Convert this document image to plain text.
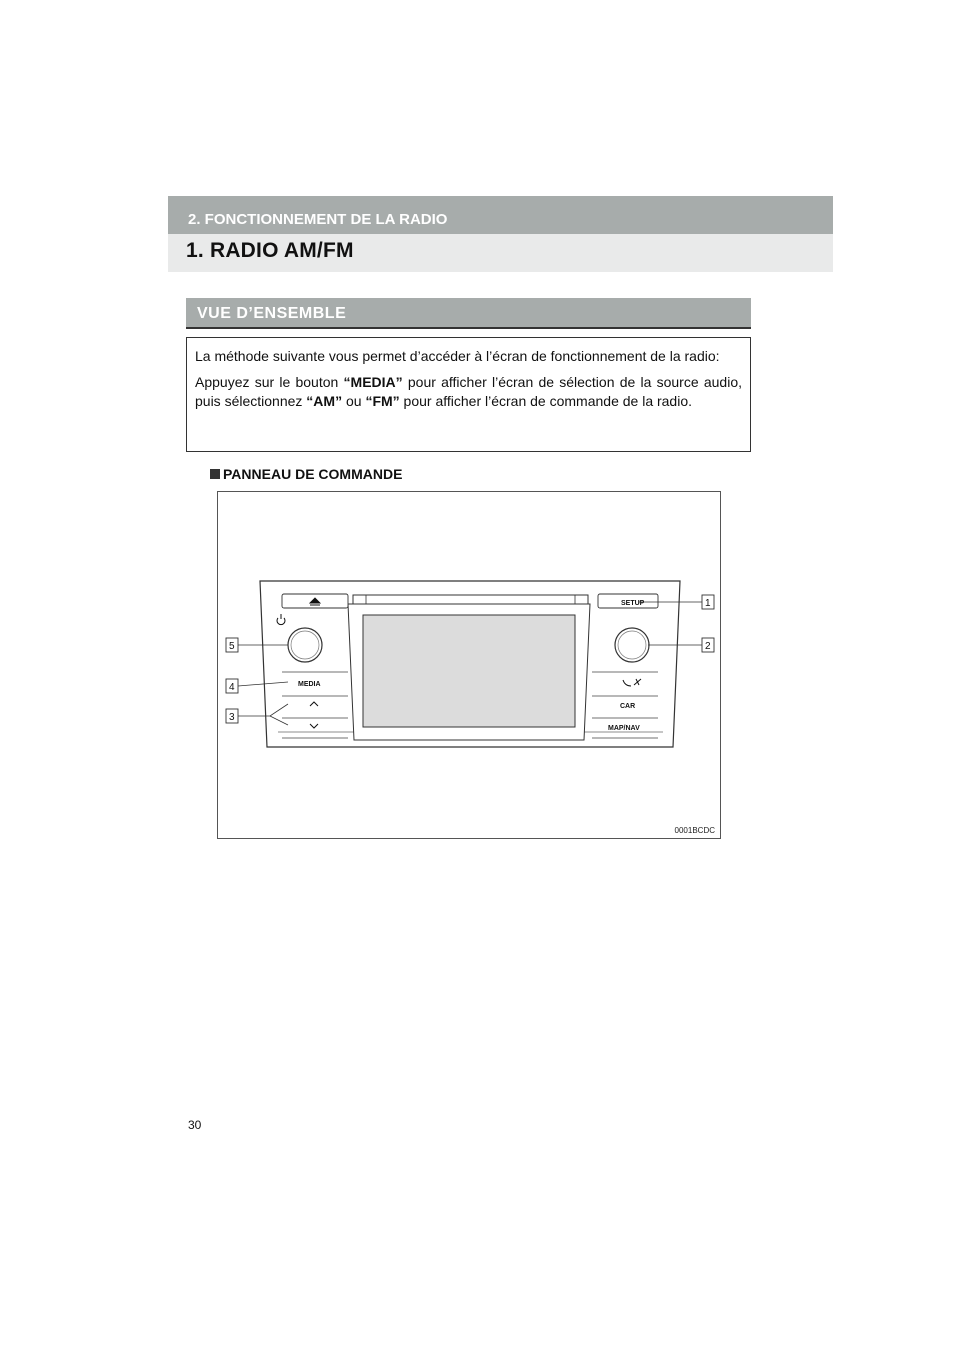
2. FONCTIONNEMENT DE LA RADIO
1. RADIO AM/FM
VUE D’ENSEMBLE

La méthode suivante vous permet d’accéder à l’écran de fonctionnement de la radio:

Appuyez sur le bouton “MEDIA” pour afficher l’écran de sélection de la source audio, puis sélectionnez “AM” ou “FM” pour afficher l’écran de commande de la radio.

PANNEAU DE COMMANDE
SETUP
MEDIA
CAR
MAP/NAV
1
2
5
4
3
0001BCDC
30
